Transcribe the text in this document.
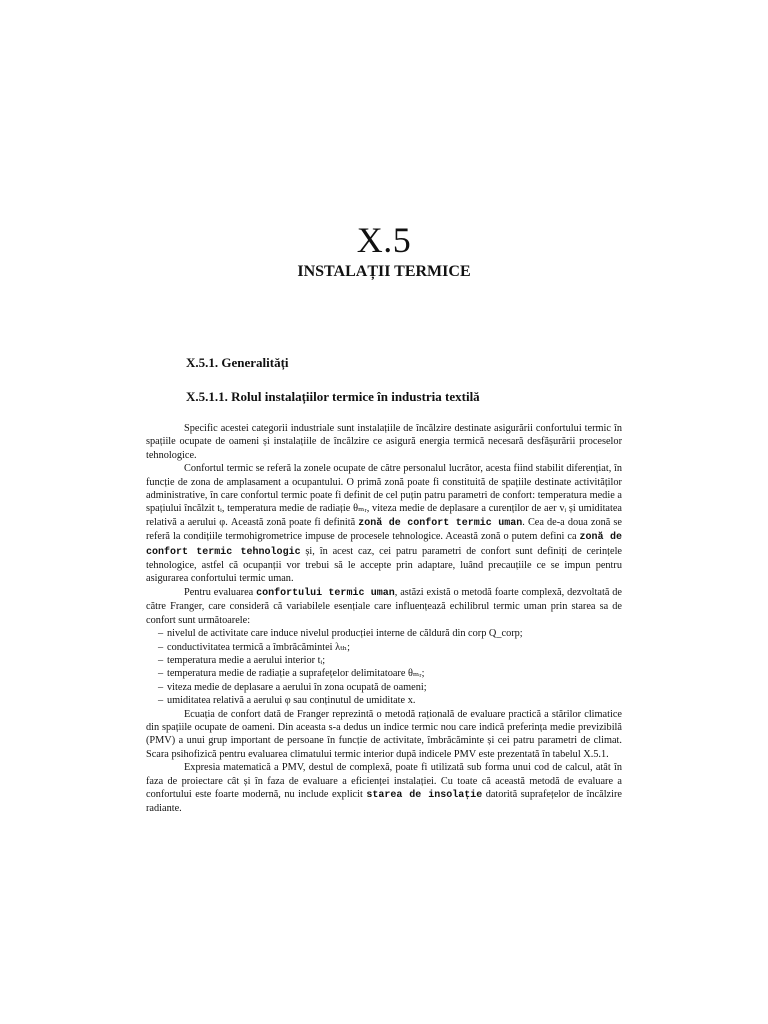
X.5
INSTALAȚII TERMICE
X.5.1. Generalități
X.5.1.1. Rolul instalațiilor termice în industria textilă

Specific acestei categorii industriale sunt instalațiile de încălzire destinate asigurării confortului termic în spațiile ocupate de oameni și instalațiile de încălzire ce asigură energia termică necesară desfășurării proceselor tehnologice.

Confortul termic se referă la zonele ocupate de către personalul lucrător, acesta fiind stabilit diferențiat, în funcție de zona de amplasament a ocupantului. O primă zonă poate fi constituită de spațiile destinate activităților administrative, în care confortul termic poate fi definit de cel puțin patru parametri de confort: temperatura medie a spațiului încălzit tᵢ, temperatura medie de radiație θₘᵣ, viteza medie de deplasare a curenților de aer vᵢ și umiditatea relativă a aerului φ. Această zonă poate fi definită zonă de confort termic uman. Cea de-a doua zonă se referă la condițiile termohigrometrice impuse de procesele tehnologice. Această zonă o putem defini ca zonă de confort termic tehnologic și, în acest caz, cei patru parametri de confort sunt definiți de cerințele tehnologice, astfel că ocupanții vor trebui să le accepte prin adaptare, luând precauțiile ce se impun pentru asigurarea confortului termic uman.

Pentru evaluarea confortului termic uman, astăzi există o metodă foarte complexă, dezvoltată de către Franger, care consideră că variabilele esențiale care influențează echilibrul termic uman prin starea sa de confort sunt următoarele:

– nivelul de activitate care induce nivelul producției interne de căldură din corp Q_corp;
– conductivitatea termică a îmbrăcămintei λₜₕ;
– temperatura medie a aerului interior tᵢ;
– temperatura medie de radiație a suprafețelor delimitatoare θₘᵣ;
– viteza medie de deplasare a aerului în zona ocupată de oameni;
– umiditatea relativă a aerului φ sau conținutul de umiditate x.

Ecuația de confort dată de Franger reprezintă o metodă rațională de evaluare practică a stărilor climatice din spațiile ocupate de oameni. Din aceasta s-a dedus un indice termic nou care indică preferința medie previzibilă (PMV) a unui grup important de persoane în funcție de activitate, îmbrăcăminte și cei patru parametri de climat. Scara psihofizică pentru evaluarea climatului termic interior după indicele PMV este prezentată în tabelul X.5.1.

Expresia matematică a PMV, destul de complexă, poate fi utilizată sub forma unui cod de calcul, atât în faza de proiectare cât și în faza de evaluare a eficienței instalației. Cu toate că această metodă de evaluare a confortului este foarte modernă, nu include explicit starea de insolație datorită suprafețelor de încălzire radiante.
